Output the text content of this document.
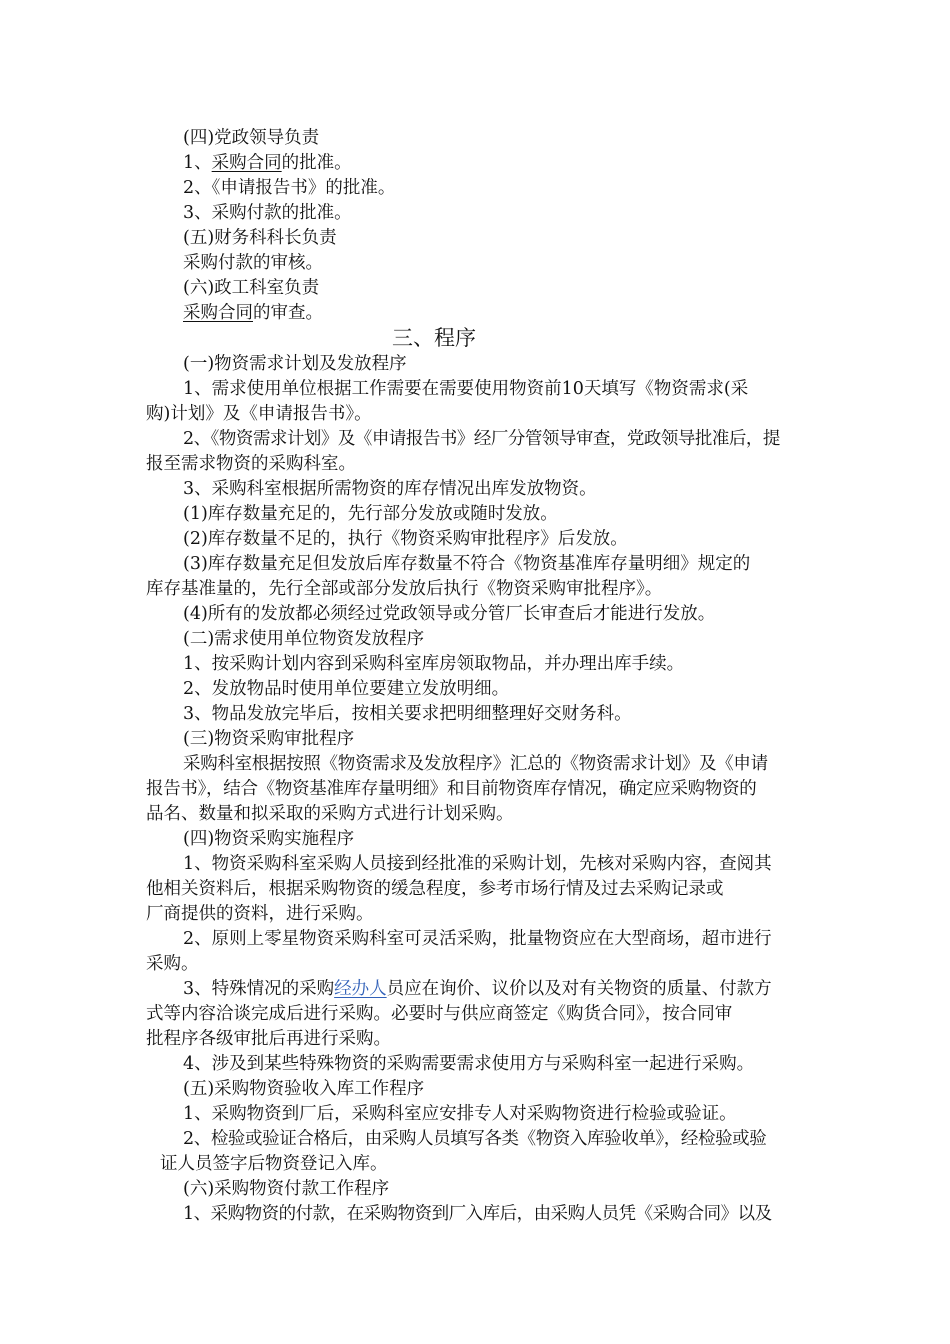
(四)党政领导负责
1、采购合同的批准。
2、《申请报告书》的批准。
3、采购付款的批准。
(五)财务科科长负责
采购付款的审核。
(六)政工科室负责
采购合同的审查。
三、程序
(一)物资需求计划及发放程序
1、需求使用单位根据工作需要在需要使用物资前10天填写《物资需求(采
购)计划》及《申请报告书》。
2、《物资需求计划》及《申请报告书》经厂分管领导审查，党政领导批准后，提
报至需求物资的采购科室。
3、采购科室根据所需物资的库存情况出库发放物资。
(1)库存数量充足的，先行部分发放或随时发放。
(2)库存数量不足的，执行《物资采购审批程序》后发放。
(3)库存数量充足但发放后库存数量不符合《物资基准库存量明细》规定的
库存基准量的，先行全部或部分发放后执行《物资采购审批程序》。
(4)所有的发放都必须经过党政领导或分管厂长审查后才能进行发放。
(二)需求使用单位物资发放程序
1、按采购计划内容到采购科室库房领取物品，并办理出库手续。
2、发放物品时使用单位要建立发放明细。
3、物品发放完毕后，按相关要求把明细整理好交财务科。
(三)物资采购审批程序
采购科室根据按照《物资需求及发放程序》汇总的《物资需求计划》及《申请
报告书》，结合《物资基准库存量明细》和目前物资库存情况，确定应采购物资的
品名、数量和拟采取的采购方式进行计划采购。
(四)物资采购实施程序
1、物资采购科室采购人员接到经批准的采购计划，先核对采购内容，查阅其
他相关资料后，根据采购物资的缓急程度，参考市场行情及过去采购记录或
厂商提供的资料，进行采购。
2、原则上零星物资采购科室可灵活采购，批量物资应在大型商场，超市进行
采购。
3、特殊情况的采购经办人员应在询价、议价以及对有关物资的质量、付款方
式等内容洽谈完成后进行采购。必要时与供应商签定《购货合同》，按合同审
批程序各级审批后再进行采购。
4、涉及到某些特殊物资的采购需要需求使用方与采购科室一起进行采购。
(五)采购物资验收入库工作程序
1、采购物资到厂后，采购科室应安排专人对采购物资进行检验或验证。
2、检验或验证合格后，由采购人员填写各类《物资入库验收单》，经检验或验
证人员签字后物资登记入库。
(六)采购物资付款工作程序
1、采购物资的付款，在采购物资到厂入库后，由采购人员凭《采购合同》以及
